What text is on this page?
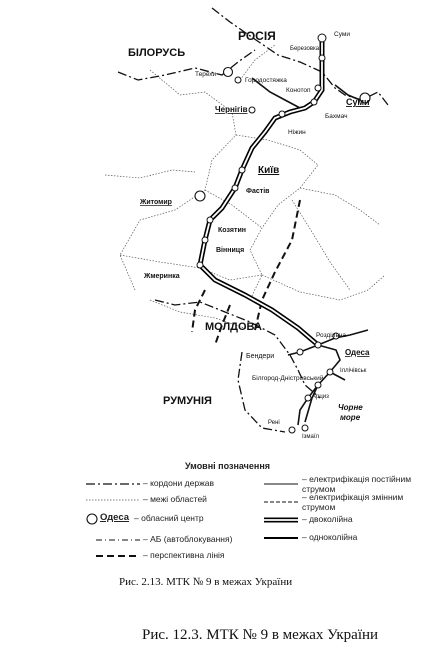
РОСІЯ
БІЛОРУСЬ
МОЛДОВА
РУМУНІЯ
Суми
Березовка
Терехи
Городостяжка
Конотоп
Суми
Бахмач
Чернігів
Ніжин
Київ
Фастів
Житомир
Козятин
Вінниця
Жмеринка
Роздільна
Бендери	Одеса
Іллічівськ
Білгород-Дністровський
Арциз
Рені
Ізмаїл
Чорне море
Умовні позначення
– кордони держав
– межі областей
Одеса – обласний центр
– АБ (автоблокування)
– перспективна лінія
– електрифікація постійним струмом
– електрифікація змінним струмом
– двоколійна
– одноколійна
Рис. 2.13. МТК № 9 в межах України
Рис. 12.3. МТК № 9 в межах України
